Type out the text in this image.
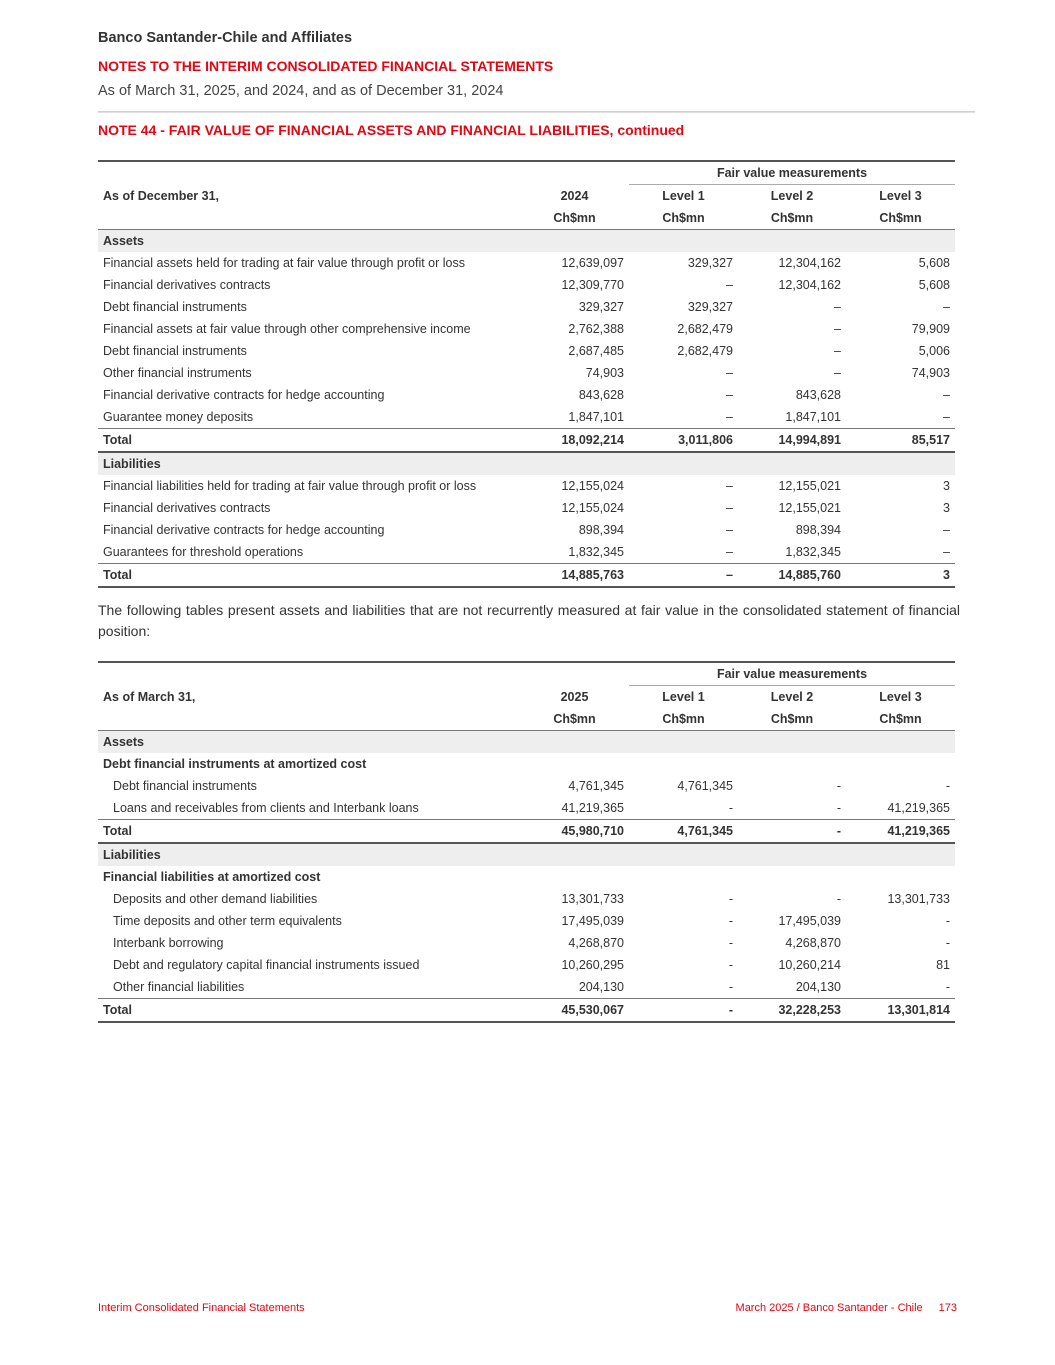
Banco Santander-Chile and Affiliates
NOTES TO THE INTERIM CONSOLIDATED FINANCIAL STATEMENTS
As of March 31, 2025, and 2024, and as of December 31, 2024
NOTE 44 - FAIR VALUE OF FINANCIAL ASSETS AND FINANCIAL LIABILITIES, continued
		Fair value measurements		
As of December 31,	2024	Level 1	Level 2	Level 3
	Ch$mn	Ch$mn	Ch$mn	Ch$mn
Assets				
Financial assets held for trading at fair value through profit or loss	12,639,097	329,327	12,304,162	5,608
Financial derivatives contracts	12,309,770	–	12,304,162	5,608
Debt financial instruments	329,327	329,327	–	–
Financial assets at fair value through other comprehensive income	2,762,388	2,682,479	–	79,909
Debt financial instruments	2,687,485	2,682,479	–	5,006
Other financial instruments	74,903	–	–	74,903
Financial derivative contracts for hedge accounting	843,628	–	843,628	–
Guarantee money deposits	1,847,101	–	1,847,101	–
Total	18,092,214	3,011,806	14,994,891	85,517
Liabilities				
Financial liabilities held for trading at fair value through profit or loss	12,155,024	–	12,155,021	3
Financial derivatives contracts	12,155,024	–	12,155,021	3
Financial derivative contracts for hedge accounting	898,394	–	898,394	–
Guarantees for threshold operations	1,832,345	–	1,832,345	–
Total	14,885,763	–	14,885,760	3
The following tables present assets and liabilities that are not recurrently measured at fair value in the consolidated statement of financial position:
		Fair value measurements		
As of March 31,	2025	Level 1	Level 2	Level 3
	Ch$mn	Ch$mn	Ch$mn	Ch$mn
Assets				
Debt financial instruments at amortized cost				
Debt financial instruments	4,761,345	4,761,345	-	-
Loans and receivables from clients and Interbank loans	41,219,365	-	-	41,219,365
Total	45,980,710	4,761,345	-	41,219,365
Liabilities				
Financial liabilities at amortized cost				
Deposits and other demand liabilities	13,301,733	-	-	13,301,733
Time deposits and other term equivalents	17,495,039	-	17,495,039	-
Interbank borrowing	4,268,870	-	4,268,870	-
Debt and regulatory capital financial instruments issued	10,260,295	-	10,260,214	81
Other financial liabilities	204,130	-	204,130	-
Total	45,530,067	-	32,228,253	13,301,814
Interim Consolidated Financial Statements	March 2025 / Banco Santander - Chile 173
